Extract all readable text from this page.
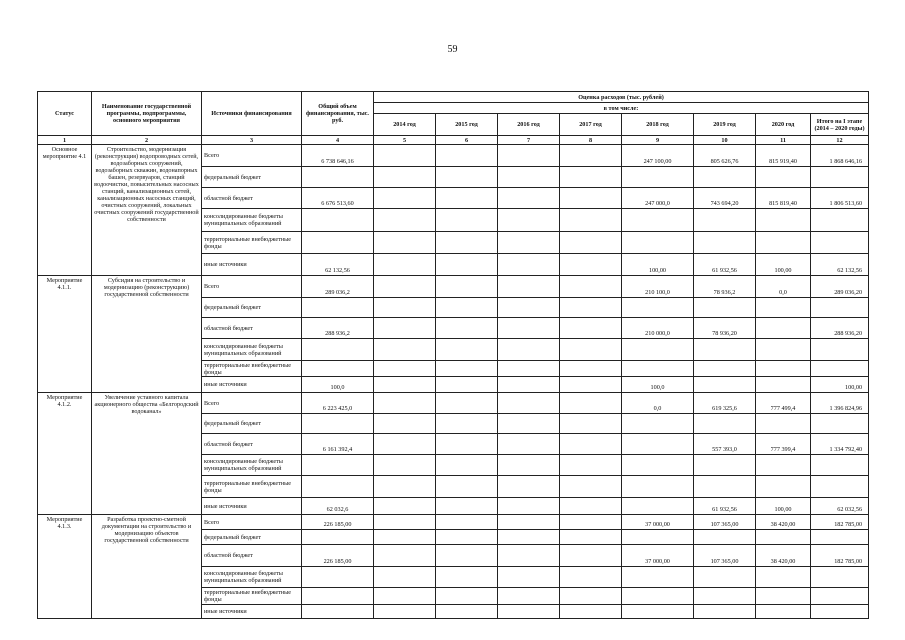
59
Статус	Наименование государственной программы, подпрограммы, основного мероприятия	Источники финансирования	Общий объем финансирования, тыс. руб.	Оценка расходов (тыс. рублей)							
				в том числе:							
				2014 год	2015 год	2016 год	2017 год	2018 год	2019 год	2020 год	Итого на I этапе (2014 – 2020 годы)
1	2	3	4	5	6	7	8	9	10	11	12
Основное мероприятие 4.1	Строительство, модернизация (реконструкция) водопроводных сетей, водозаборных сооружений, водозаборных скважин, водонапорных башен, резервуаров, станций водоочистки, повысительных насосных станций, канализационных сетей, канализационных насосных станций, очистных сооружений, локальных очистных сооружений государственной собственности	Всего	6 738 646,16					247 100,00	805 626,76	815 919,40	1 868 646,16
		федеральный бюджет									
		областной бюджет	6 676 513,60					247 000,0	743 694,20	815 819,40	1 806 513,60
		консолидированные бюджеты муниципальных образований									
		территориальные внебюджетные фонды									
		иные источники	62 132,56					100,00	61 932,56	100,00	62 132,56
Мероприятие 4.1.1.	Субсидия на строительство и модернизацию (реконструкцию) государственной собственности	Всего	289 036,2					210 100,0	78 936,2	0,0	289 036,20
		федеральный бюджет									
		областной бюджет	288 936,2					210 000,0	78 936,20		288 936,20
		консолидированные бюджеты муниципальных образований									
		территориальные внебюджетные фонды									
		иные источники	100,0					100,0			100,00
Мероприятие 4.1.2.	Увеличение уставного капитала акционерного общества «Белгородский водоканал»	Всего	6 223 425,0					0,0	619 325,6	777 499,4	1 396 824,96
		федеральный бюджет									
		областной бюджет	6 161 392,4						557 393,0	777 399,4	1 334 792,40
		консолидированные бюджеты муниципальных образований									
		территориальные внебюджетные фонды									
		иные источники	62 032,6						61 932,56	100,00	62 032,56
Мероприятие 4.1.3.	Разработка проектно-сметной документации на строительство и модернизацию объектов государственной собственности	Всего	226 185,00					37 000,00	107 365,00	38 420,00	182 785,00
		федеральный бюджет									
		областной бюджет	226 185,00					37 000,00	107 365,00	38 420,00	182 785,00
		консолидированные бюджеты муниципальных образований									
		территориальные внебюджетные фонды									
		иные источники									
